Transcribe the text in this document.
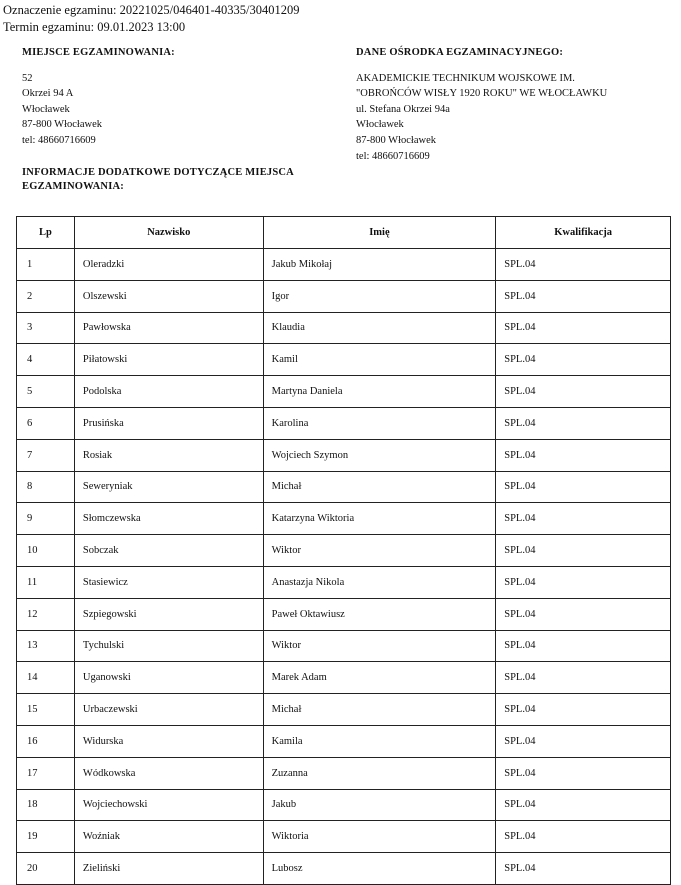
Oznaczenie egzaminu: 20221025/046401-40335/30401209
Termin egzaminu: 09.01.2023 13:00
MIEJSCE EGZAMINOWANIA:
52
Okrzei 94 A
Włocławek
87-800 Włocławek
tel: 48660716609
DANE OŚRODKA EGZAMINACYJNEGO:
AKADEMICKIE TECHNIKUM WOJSKOWE IM.
"OBROŃCÓW WISŁY 1920 ROKU" WE WŁOCŁAWKU
ul. Stefana Okrzei 94a
Włocławek
87-800 Włocławek
tel: 48660716609
INFORMACJE DODATKOWE DOTYCZĄCE MIEJSCA EGZAMINOWANIA:
Lp	Nazwisko	Imię	Kwalifikacja
1	Oleradzki	Jakub Mikołaj	SPL.04
2	Olszewski	Igor	SPL.04
3	Pawłowska	Klaudia	SPL.04
4	Piłatowski	Kamil	SPL.04
5	Podolska	Martyna Daniela	SPL.04
6	Prusińska	Karolina	SPL.04
7	Rosiak	Wojciech Szymon	SPL.04
8	Seweryniak	Michał	SPL.04
9	Słomczewska	Katarzyna Wiktoria	SPL.04
10	Sobczak	Wiktor	SPL.04
11	Stasiewicz	Anastazja Nikola	SPL.04
12	Szpiegowski	Paweł Oktawiusz	SPL.04
13	Tychulski	Wiktor	SPL.04
14	Uganowski	Marek Adam	SPL.04
15	Urbaczewski	Michał	SPL.04
16	Widurska	Kamila	SPL.04
17	Wódkowska	Zuzanna	SPL.04
18	Wojciechowski	Jakub	SPL.04
19	Woźniak	Wiktoria	SPL.04
20	Zieliński	Lubosz	SPL.04
